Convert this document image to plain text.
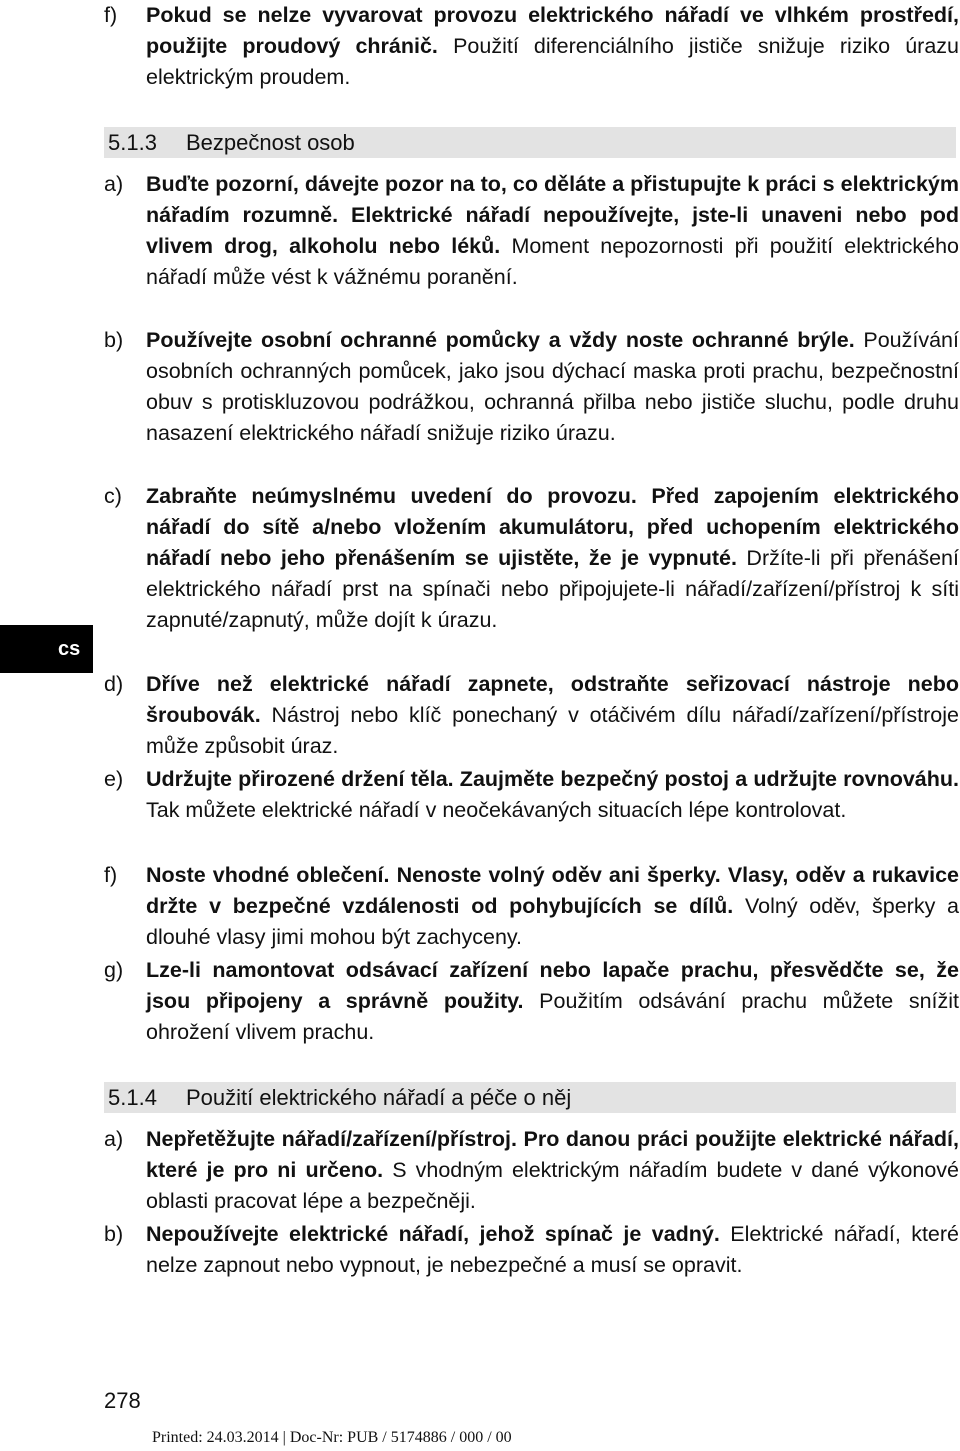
f)	Pokud se nelze vyvarovat provozu elektrického nářadí ve vlhkém prostředí, použijte proudový chránič. Použití diferenciálního jističe snižuje riziko úrazu elektrickým proudem.
5.1.3 Bezpečnost osob
a)	Buďte pozorní, dávejte pozor na to, co děláte a přistupujte k práci s elektrickým nářadím rozumně. Elektrické nářadí nepoužívejte, jste-li unaveni nebo pod vlivem drog, alkoholu nebo léků. Moment nepozornosti při použití elektrického nářadí může vést k vážnému poranění.
b)	Používejte osobní ochranné pomůcky a vždy noste ochranné brýle. Používání osobních ochranných pomůcek, jako jsou dýchací maska proti prachu, bezpečnostní obuv s protiskluzovou podrážkou, ochranná přilba nebo jističe sluchu, podle druhu nasazení elektrického nářadí snižuje riziko úrazu.
c)	Zabraňte neúmyslnému uvedení do provozu. Před zapojením elektrického nářadí do sítě a/nebo vložením akumulátoru, před uchopením elektrického nářadí nebo jeho přenášením se ujistěte, že je vypnuté. Držíte-li při přenášení elektrického nářadí prst na spínači nebo připojujete-li nářadí/zařízení/přístroj k síti zapnuté/zapnutý, může dojít k úrazu.
d)	Dříve než elektrické nářadí zapnete, odstraňte seřizovací nástroje nebo šroubovák. Nástroj nebo klíč ponechaný v otáčivém dílu nářadí/zařízení/přístroje může způsobit úraz.
e)	Udržujte přirozené držení těla. Zaujměte bezpečný postoj a udržujte rovnováhu. Tak můžete elektrické nářadí v neočekávaných situacích lépe kontrolovat.
f)	Noste vhodné oblečení. Nenoste volný oděv ani šperky. Vlasy, oděv a rukavice držte v bezpečné vzdálenosti od pohybujících se dílů. Volný oděv, šperky a dlouhé vlasy jimi mohou být zachyceny.
g)	Lze-li namontovat odsávací zařízení nebo lapače prachu, přesvědčte se, že jsou připojeny a správně použity. Použitím odsávání prachu můžete snížit ohrožení vlivem prachu.
5.1.4 Použití elektrického nářadí a péče o něj
a)	Nepřetěžujte nářadí/zařízení/přístroj. Pro danou práci použijte elektrické nářadí, které je pro ni určeno. S vhodným elektrickým nářadím budete v dané výkonové oblasti pracovat lépe a bezpečněji.
b)	Nepoužívejte elektrické nářadí, jehož spínač je vadný. Elektrické nářadí, které nelze zapnout nebo vypnout, je nebezpečné a musí se opravit.
cs
278
Printed: 24.03.2014 | Doc-Nr: PUB / 5174886 / 000 / 00
